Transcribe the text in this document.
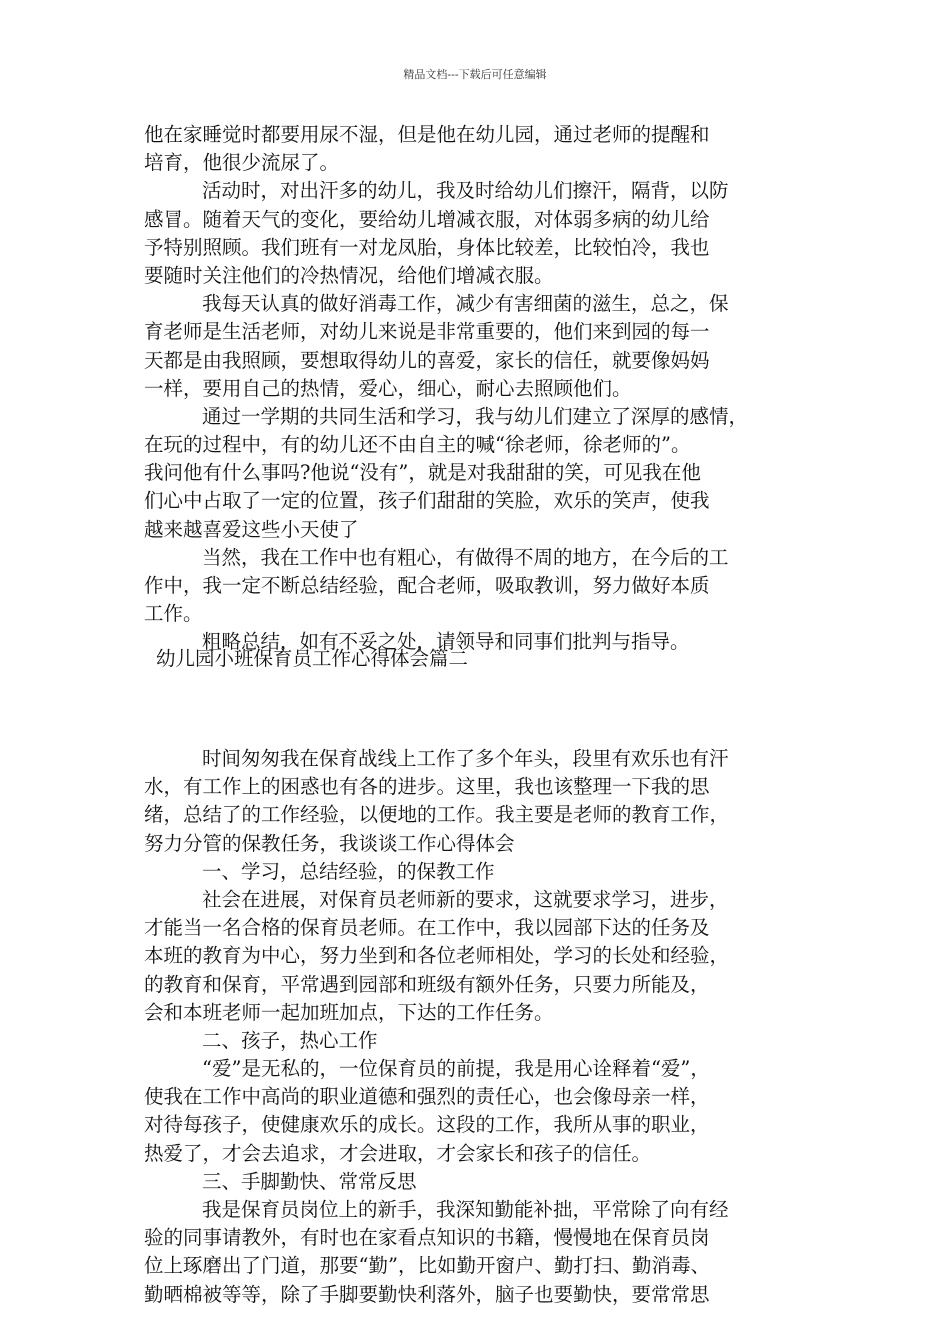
精品文档---下载后可任意编辑
他在家睡觉时都要用尿不湿，但是他在幼儿园，通过老师的提醒和
培育，他很少流尿了。
活动时，对出汗多的幼儿，我及时给幼儿们擦汗，隔背，以防
感冒。随着天气的变化，要给幼儿增减衣服，对体弱多病的幼儿给
予特别照顾。我们班有一对龙凤胎，身体比较差，比较怕冷，我也
要随时关注他们的冷热情况，给他们增减衣服。
我每天认真的做好消毒工作，减少有害细菌的滋生，总之，保
育老师是生活老师，对幼儿来说是非常重要的，他们来到园的每一
天都是由我照顾，要想取得幼儿的喜爱，家长的信任，就要像妈妈
一样，要用自己的热情，爱心，细心，耐心去照顾他们。
通过一学期的共同生活和学习，我与幼儿们建立了深厚的感情，
在玩的过程中，有的幼儿还不由自主的喊“徐老师，徐老师的”。
我问他有什么事吗?他说“没有”，就是对我甜甜的笑，可见我在他
们心中占取了一定的位置，孩子们甜甜的笑脸，欢乐的笑声，使我
越来越喜爱这些小天使了
当然，我在工作中也有粗心，有做得不周的地方，在今后的工
作中，我一定不断总结经验，配合老师，吸取教训，努力做好本质
工作。
粗略总结，如有不妥之处，请领导和同事们批判与指导。
幼儿园小班保育员工作心得体会篇二
时间匆匆我在保育战线上工作了多个年头，段里有欢乐也有汗
水，有工作上的困惑也有各的进步。这里，我也该整理一下我的思
绪，总结了的工作经验，以便地的工作。我主要是老师的教育工作，
努力分管的保教任务，我谈谈工作心得体会
一、学习，总结经验，的保教工作
社会在进展，对保育员老师新的要求，这就要求学习，进步，
才能当一名合格的保育员老师。在工作中，我以园部下达的任务及
本班的教育为中心，努力坐到和各位老师相处，学习的长处和经验，
的教育和保育，平常遇到园部和班级有额外任务，只要力所能及，
会和本班老师一起加班加点，下达的工作任务。
二、孩子，热心工作
“爱”是无私的，一位保育员的前提，我是用心诠释着“爱”，
使我在工作中高尚的职业道德和强烈的责任心，也会像母亲一样，
对待每孩子，使健康欢乐的成长。这段的工作，我所从事的职业，
热爱了，才会去追求，才会进取，才会家长和孩子的信任。
三、手脚勤快、常常反思
我是保育员岗位上的新手，我深知勤能补拙，平常除了向有经
验的同事请教外，有时也在家看点知识的书籍，慢慢地在保育员岗
位上琢磨出了门道，那要“勤”，比如勤开窗户、勤打扫、勤消毒、
勤晒棉被等等，除了手脚要勤快利落外，脑子也要勤快，要常常思
